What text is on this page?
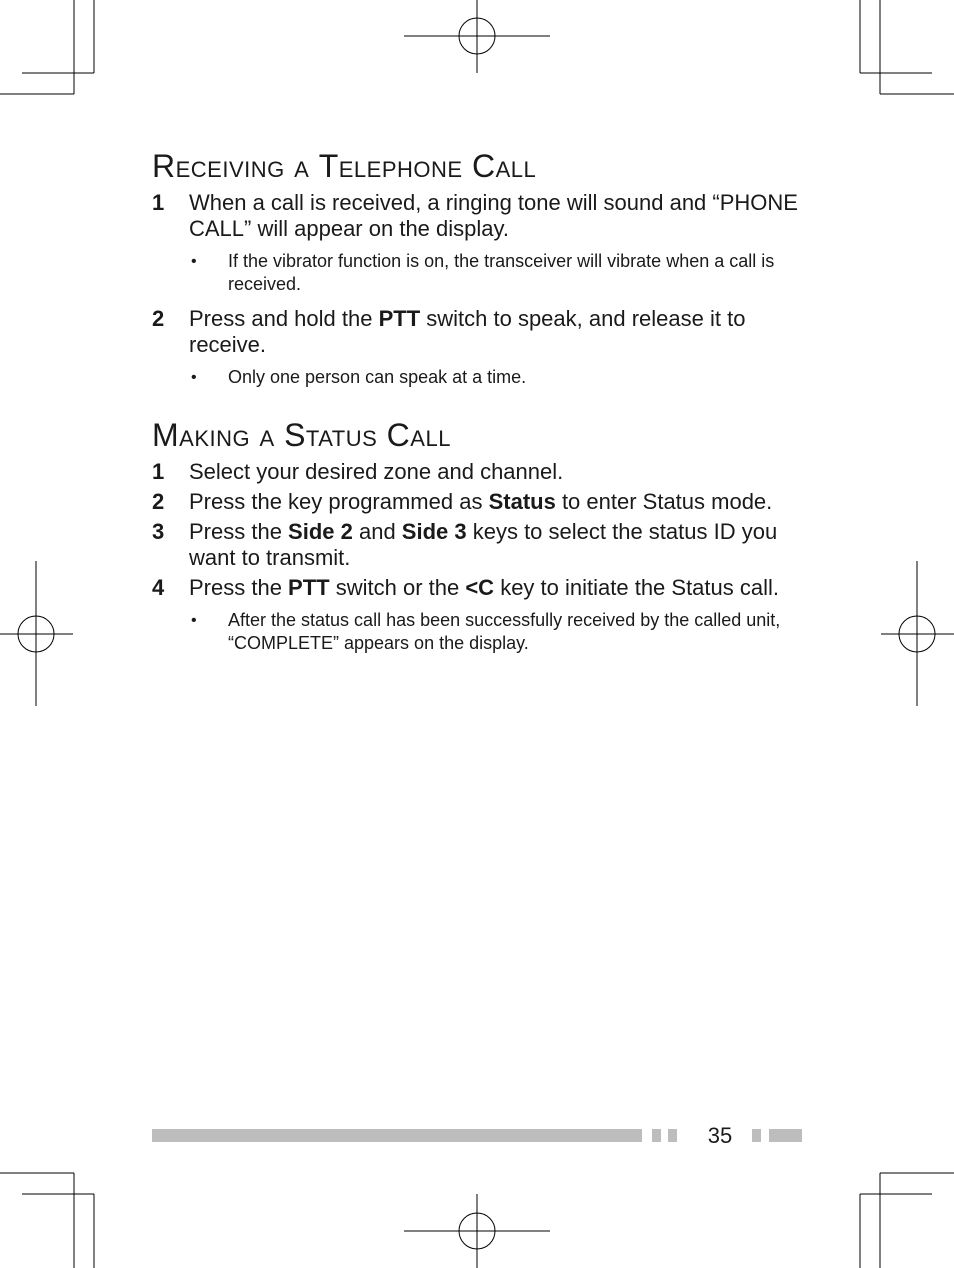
Receiving a Telephone Call
1	When a call is received, a ringing tone will sound and “PHONE CALL” will appear on the display.
•	If the vibrator function is on, the transceiver will vibrate when a call is received.
2	Press and hold the PTT switch to speak, and release it to receive.
•	Only one person can speak at a time.
Making a Status Call
1	Select your desired zone and channel.
2	Press the key programmed as Status to enter Status mode.
3	Press the Side 2 and Side 3 keys to select the status ID you want to transmit.
4	Press the PTT switch or the <C key to initiate the Status call.
•	After the status call has been successfully received by the called unit, “COMPLETE” appears on the display.
35
